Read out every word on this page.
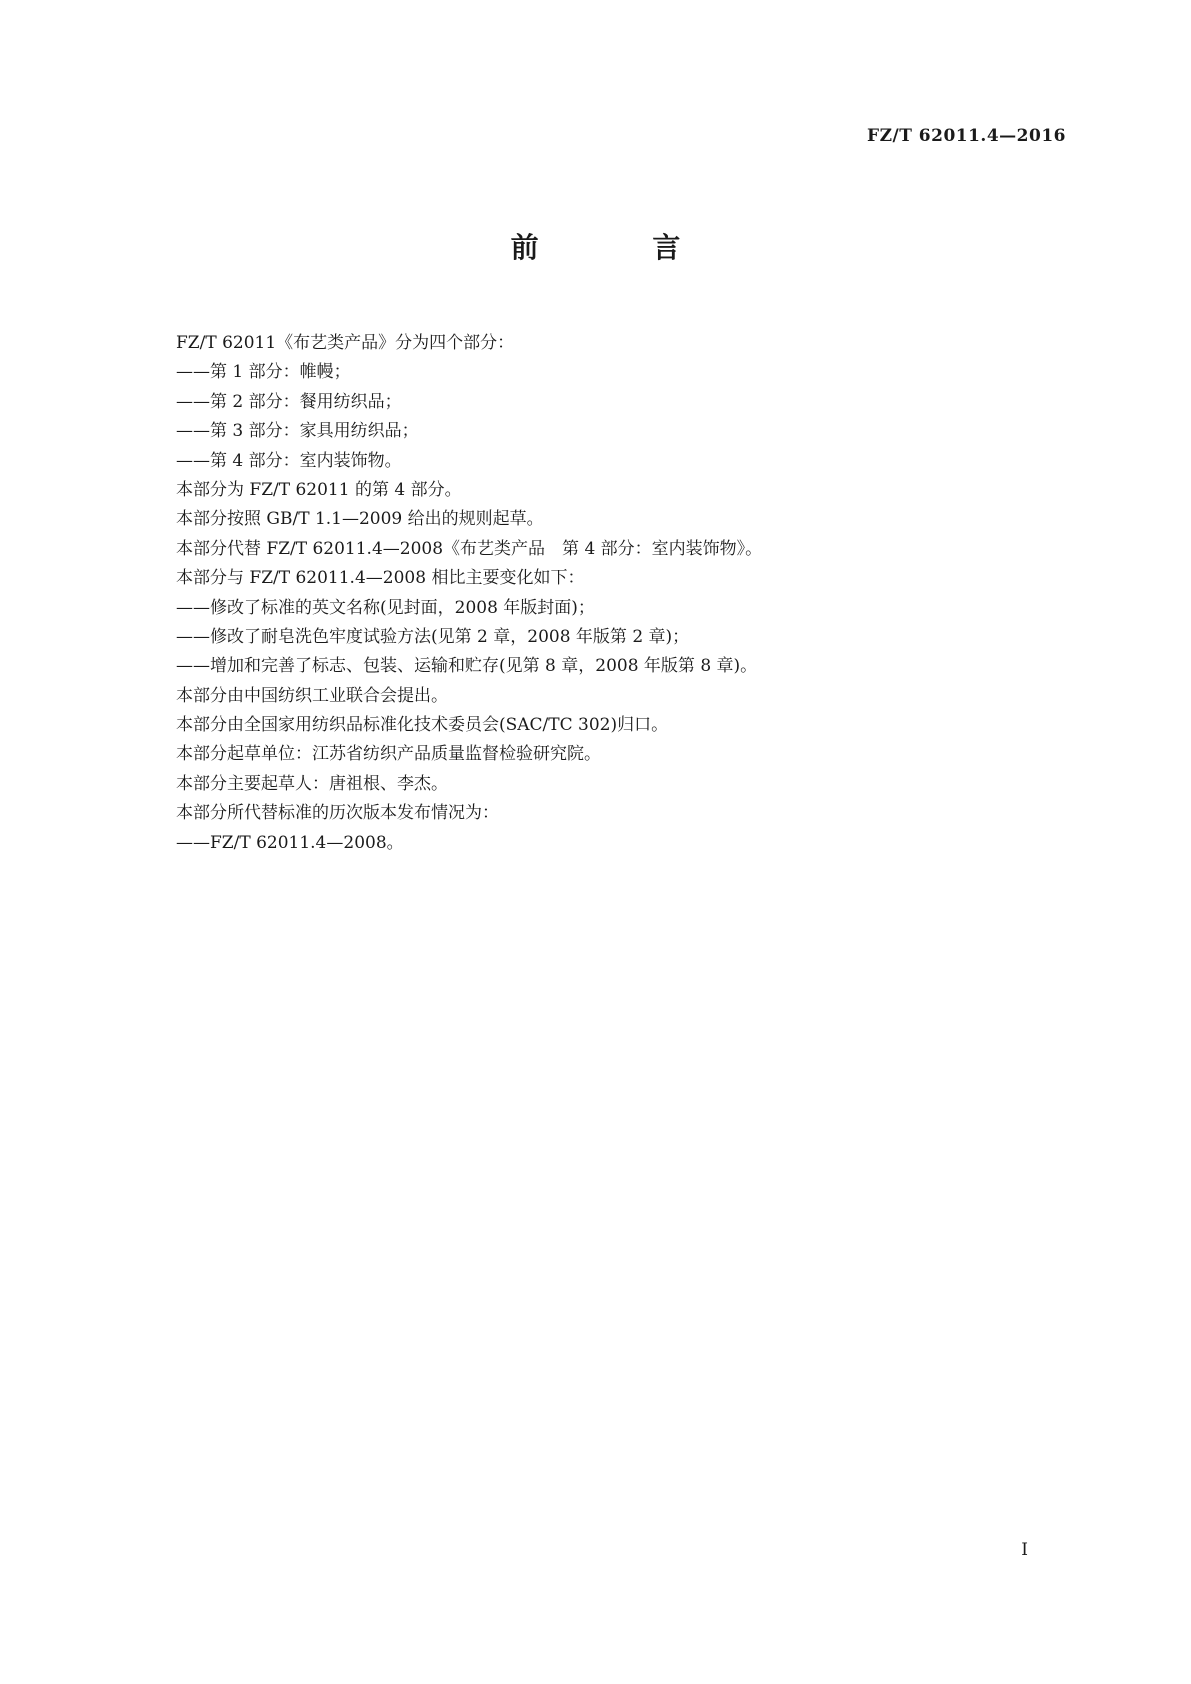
FZ/T 62011.4—2016
前 言
FZ/T 62011《布艺类产品》分为四个部分：
——第 1 部分：帷幔；
——第 2 部分：餐用纺织品；
——第 3 部分：家具用纺织品；
——第 4 部分：室内装饰物。
本部分为 FZ/T 62011 的第 4 部分。
本部分按照 GB/T 1.1—2009 给出的规则起草。
本部分代替 FZ/T 62011.4—2008《布艺类产品　第 4 部分：室内装饰物》。
本部分与 FZ/T 62011.4—2008 相比主要变化如下：
——修改了标准的英文名称(见封面，2008 年版封面)；
——修改了耐皂洗色牢度试验方法(见第 2 章，2008 年版第 2 章)；
——增加和完善了标志、包装、运输和贮存(见第 8 章，2008 年版第 8 章)。
本部分由中国纺织工业联合会提出。
本部分由全国家用纺织品标准化技术委员会(SAC/TC 302)归口。
本部分起草单位：江苏省纺织产品质量监督检验研究院。
本部分主要起草人：唐祖根、李杰。
本部分所代替标准的历次版本发布情况为：
——FZ/T 62011.4—2008。
I
